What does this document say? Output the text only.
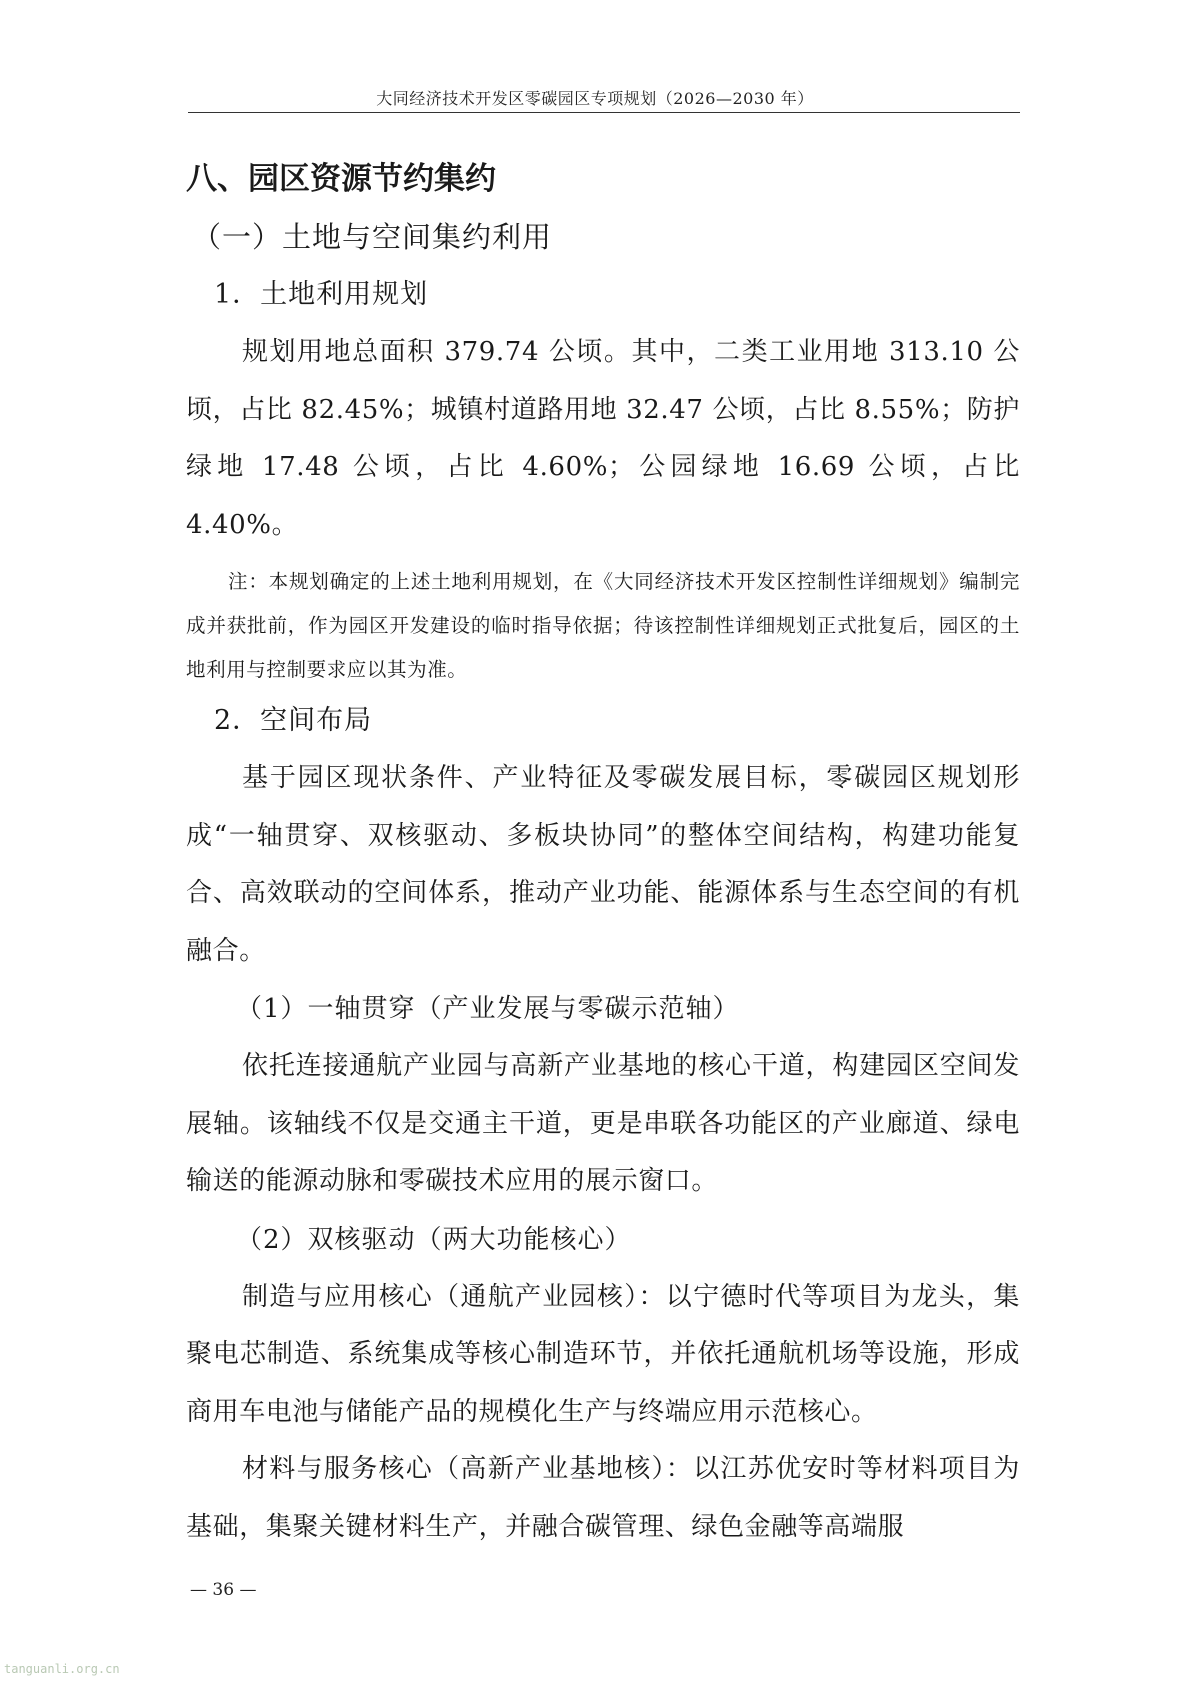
大同经济技术开发区零碳园区专项规划（2026—2030 年）
八、园区资源节约集约
（一）土地与空间集约利用
1．土地利用规划

规划用地总面积 379.74 公顷。其中，二类工业用地 313.10 公顷，占比 82.45%；城镇村道路用地 32.47 公顷，占比 8.55%；防护绿地 17.48 公顷，占比 4.60%；公园绿地 16.69 公顷，占比 4.40%。

注：本规划确定的上述土地利用规划，在《大同经济技术开发区控制性详细规划》编制完成并获批前，作为园区开发建设的临时指导依据；待该控制性详细规划正式批复后，园区的土地利用与控制要求应以其为准。

2．空间布局

基于园区现状条件、产业特征及零碳发展目标，零碳园区规划形成“一轴贯穿、双核驱动、多板块协同”的整体空间结构，构建功能复合、高效联动的空间体系，推动产业功能、能源体系与生态空间的有机融合。

（1）一轴贯穿（产业发展与零碳示范轴）

依托连接通航产业园与高新产业基地的核心干道，构建园区空间发展轴。该轴线不仅是交通主干道，更是串联各功能区的产业廊道、绿电输送的能源动脉和零碳技术应用的展示窗口。

（2）双核驱动（两大功能核心）

制造与应用核心（通航产业园核）：以宁德时代等项目为龙头，集聚电芯制造、系统集成等核心制造环节，并依托通航机场等设施，形成商用车电池与储能产品的规模化生产与终端应用示范核心。

材料与服务核心（高新产业基地核）：以江苏优安时等材料项目为基础，集聚关键材料生产，并融合碳管理、绿色金融等高端服

— 36 —
tanguanli.org.cn
